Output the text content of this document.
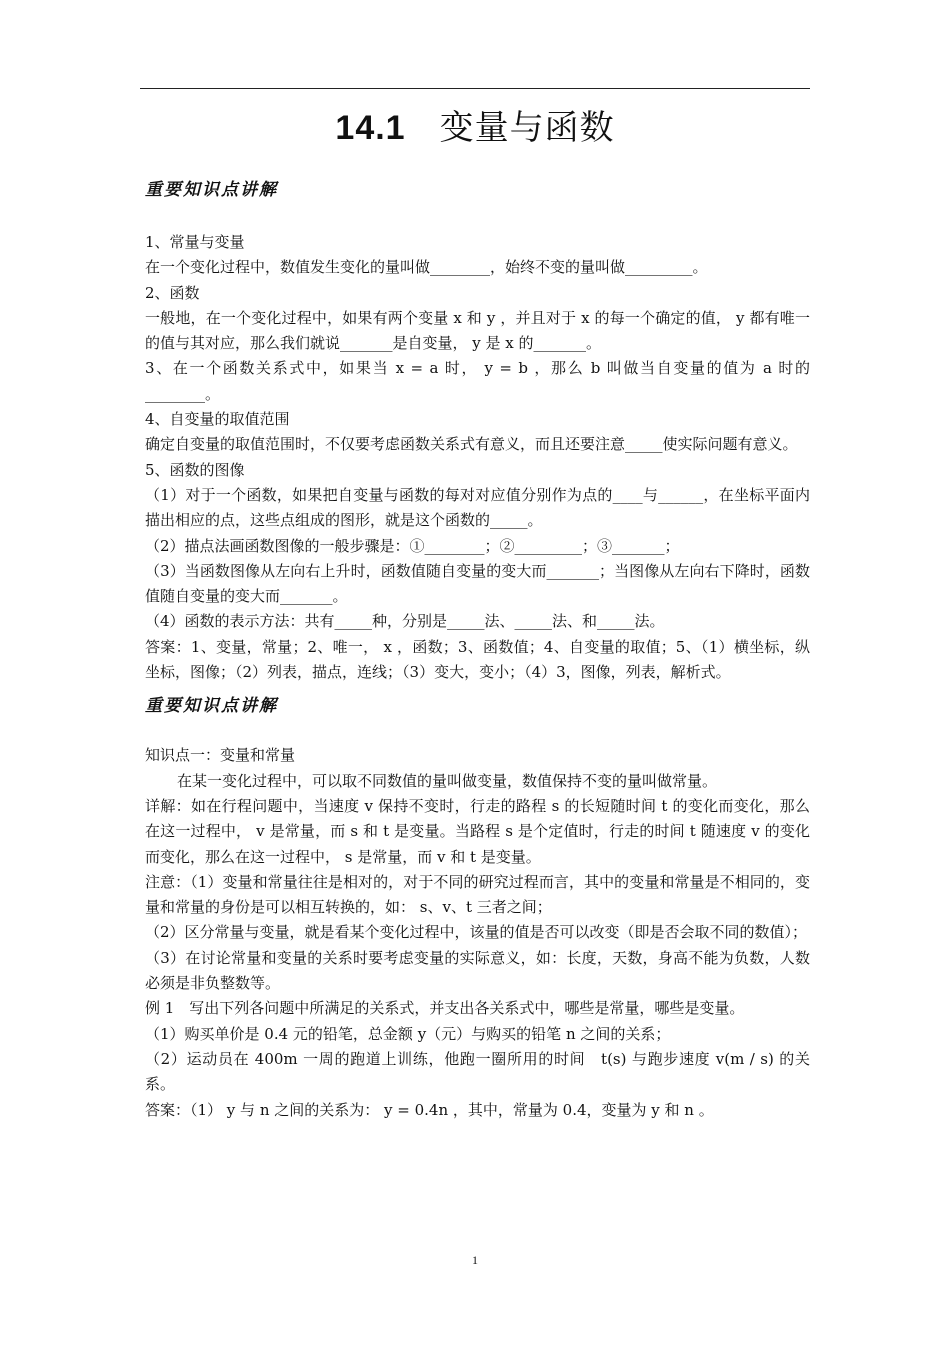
14.1 变量与函数
重要知识点讲解

1、常量与变量

在一个变化过程中，数值发生变化的量叫做________，始终不变的量叫做_________。

2、函数

一般地，在一个变化过程中，如果有两个变量 x 和 y ，并且对于 x 的每一个确定的值， y 都有唯一的值与其对应，那么我们就说_______是自变量， y 是 x 的_______。

3、在一个函数关系式中，如果当 x = a 时， y = b ，那么 b 叫做当自变量的值为 a 时的________。

4、自变量的取值范围

确定自变量的取值范围时，不仅要考虑函数关系式有意义，而且还要注意_____使实际问题有意义。

5、函数的图像

（1）对于一个函数，如果把自变量与函数的每对对应值分别作为点的____与______，在坐标平面内描出相应的点，这些点组成的图形，就是这个函数的_____。

（2）描点法画函数图像的一般步骤是：①________；②_________；③_______；

（3）当函数图像从左向右上升时，函数值随自变量的变大而_______；当图像从左向右下降时，函数值随自变量的变大而_______。

（4）函数的表示方法：共有_____种，分别是_____法、_____法、和_____法。

答案：1、变量，常量；2、唯一， x ，函数；3、函数值；4、自变量的取值；5、（1）横坐标，纵坐标，图像；（2）列表，描点，连线；（3）变大，变小；（4）3，图像，列表，解析式。

重要知识点讲解

知识点一：变量和常量

在某一变化过程中，可以取不同数值的量叫做变量，数值保持不变的量叫做常量。

详解：如在行程问题中，当速度 v 保持不变时，行走的路程 s 的长短随时间 t 的变化而变化，那么在这一过程中， v 是常量，而 s 和 t 是变量。当路程 s 是个定值时，行走的时间 t 随速度 v 的变化而变化，那么在这一过程中， s 是常量，而 v 和 t 是变量。

注意：（1）变量和常量往往是相对的，对于不同的研究过程而言，其中的变量和常量是不相同的，变量和常量的身份是可以相互转换的，如： s、v、t 三者之间；

（2）区分常量与变量，就是看某个变化过程中，该量的值是否可以改变（即是否会取不同的数值）；

（3）在讨论常量和变量的关系时要考虑变量的实际意义，如：长度，天数，身高不能为负数，人数必须是非负整数等。

例 1　写出下列各问题中所满足的关系式，并支出各关系式中，哪些是常量，哪些是变量。

（1）购买单价是 0.4 元的铅笔，总金额 y（元）与购买的铅笔 n 之间的关系；

（2）运动员在 400m 一周的跑道上训练，他跑一圈所用的时间　t(s) 与跑步速度 v(m / s) 的关系。

答案：（1） y 与 n 之间的关系为： y = 0.4n ，其中，常量为 0.4，变量为 y 和 n 。

1
